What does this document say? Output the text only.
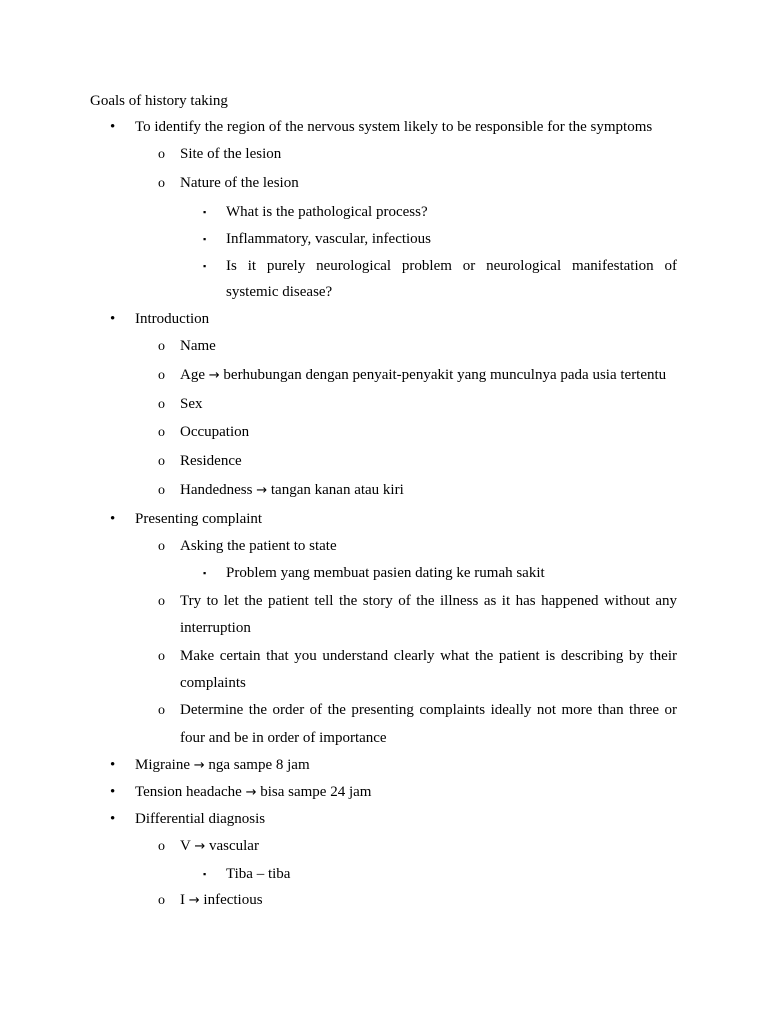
Goals of history taking
• To identify the region of the nervous system likely to be responsible for the symptoms
o Site of the lesion
o Nature of the lesion
▪ What is the pathological process?
▪ Inflammatory, vascular, infectious
▪ Is it purely neurological problem or neurological manifestation of
systemic disease?
• Introduction
o Name
o Age → berhubungan dengan penyait-penyakit yang munculnya pada usia tertentu
o Sex
o Occupation
o Residence
o Handedness → tangan kanan atau kiri
• Presenting complaint
o Asking the patient to state
▪ Problem yang membuat pasien dating ke rumah sakit
o Try to let the patient tell the story of the illness as it has happened without any
interruption
o Make certain that you understand clearly what the patient is describing by their
complaints
o Determine the order of the presenting complaints ideally not more than three or
four and be in order of importance
• Migraine → nga sampe 8 jam
• Tension headache → bisa sampe 24 jam
• Differential diagnosis
o V → vascular
▪ Tiba – tiba
o I → infectious
